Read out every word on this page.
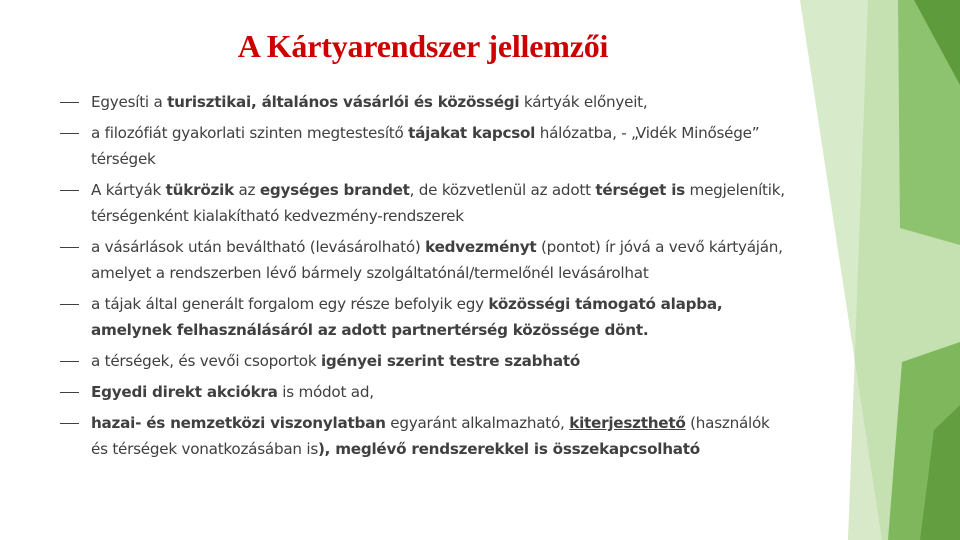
A Kártyarendszer jellemzői
Egyesíti a turisztikai, általános vásárlói és közösségi kártyák előnyeit,
a filozófiát gyakorlati szinten megtestesítő tájakat kapcsol hálózatba, - „Vidék Minősége” térségek
A kártyák tükrözik az egységes brandet, de közvetlenül az adott térséget is megjelenítik, térségenként kialakítható kedvezmény-rendszerek
a vásárlások után beváltható (levásárolható) kedvezményt (pontot) ír jóvá a vevő kártyáján, amelyet a rendszerben lévő bármely szolgáltatónál/termelőnél levásárolhat
a tájak által generált forgalom egy része befolyik egy közösségi támogató alapba, amelynek felhasználásáról az adott partnertérség közössége dönt.
a térségek, és vevői csoportok igényei szerint testre szabható
Egyedi direkt akciókra is módot ad,
hazai- és nemzetközi viszonylatban egyaránt alkalmazható, kiterjeszthető (használók és térségek vonatkozásában is), meglévő rendszerekkel is összekapcsolható
